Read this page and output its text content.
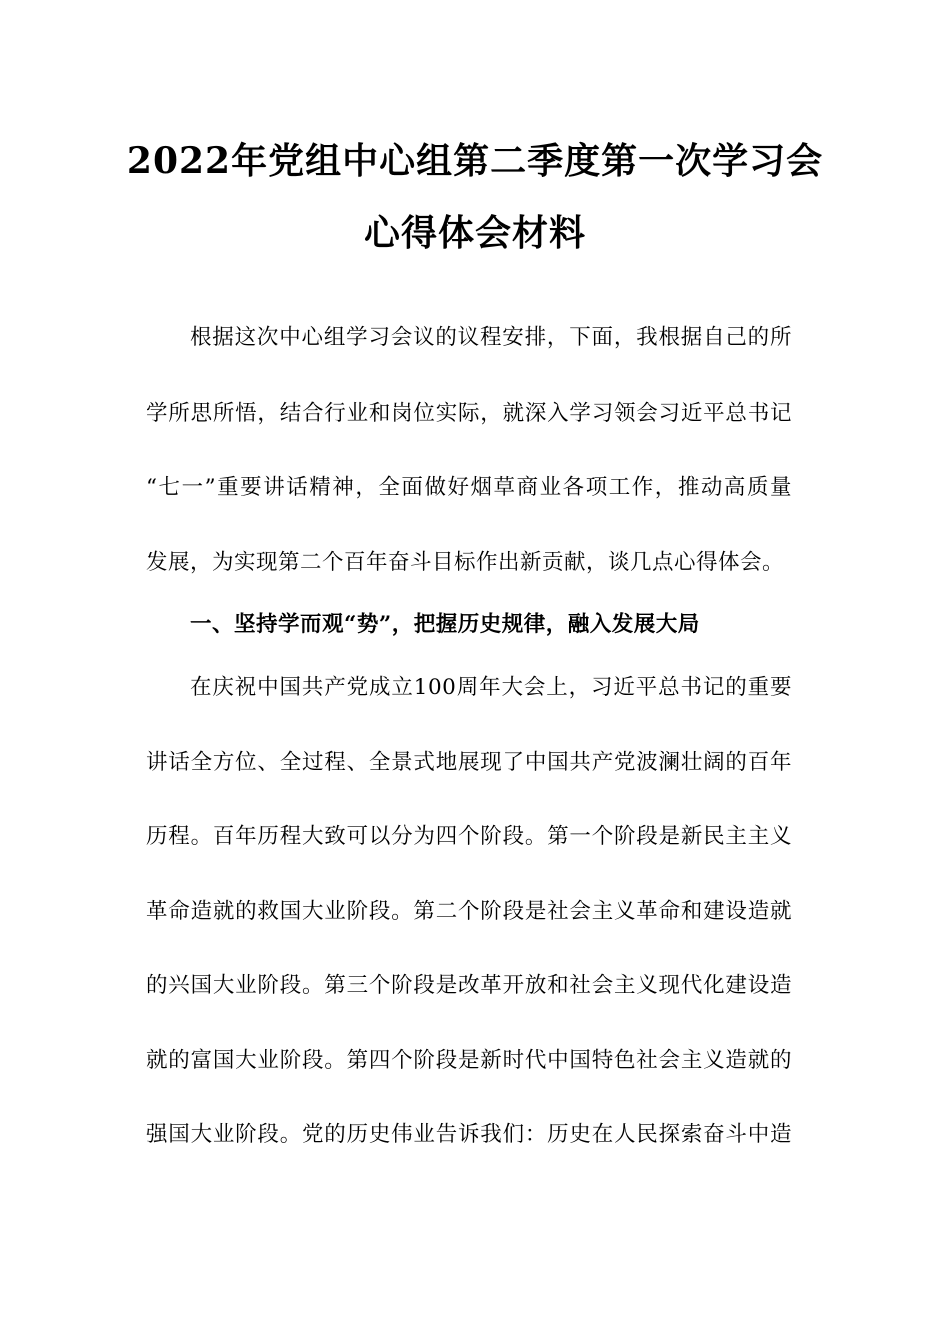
2022年党组中心组第二季度第一次学习会
心得体会材料
根据这次中心组学习会议的议程安排，下面，我根据自己的所
学所思所悟，结合行业和岗位实际，就深入学习领会习近平总书记
“七一”重要讲话精神，全面做好烟草商业各项工作，推动高质量
发展，为实现第二个百年奋斗目标作出新贡献，谈几点心得体会。
一、坚持学而观“势”，把握历史规律，融入发展大局
在庆祝中国共产党成立100周年大会上，习近平总书记的重要
讲话全方位、全过程、全景式地展现了中国共产党波澜壮阔的百年
历程。百年历程大致可以分为四个阶段。第一个阶段是新民主主义
革命造就的救国大业阶段。第二个阶段是社会主义革命和建设造就
的兴国大业阶段。第三个阶段是改革开放和社会主义现代化建设造
就的富国大业阶段。第四个阶段是新时代中国特色社会主义造就的
强国大业阶段。党的历史伟业告诉我们：历史在人民探索奋斗中造
